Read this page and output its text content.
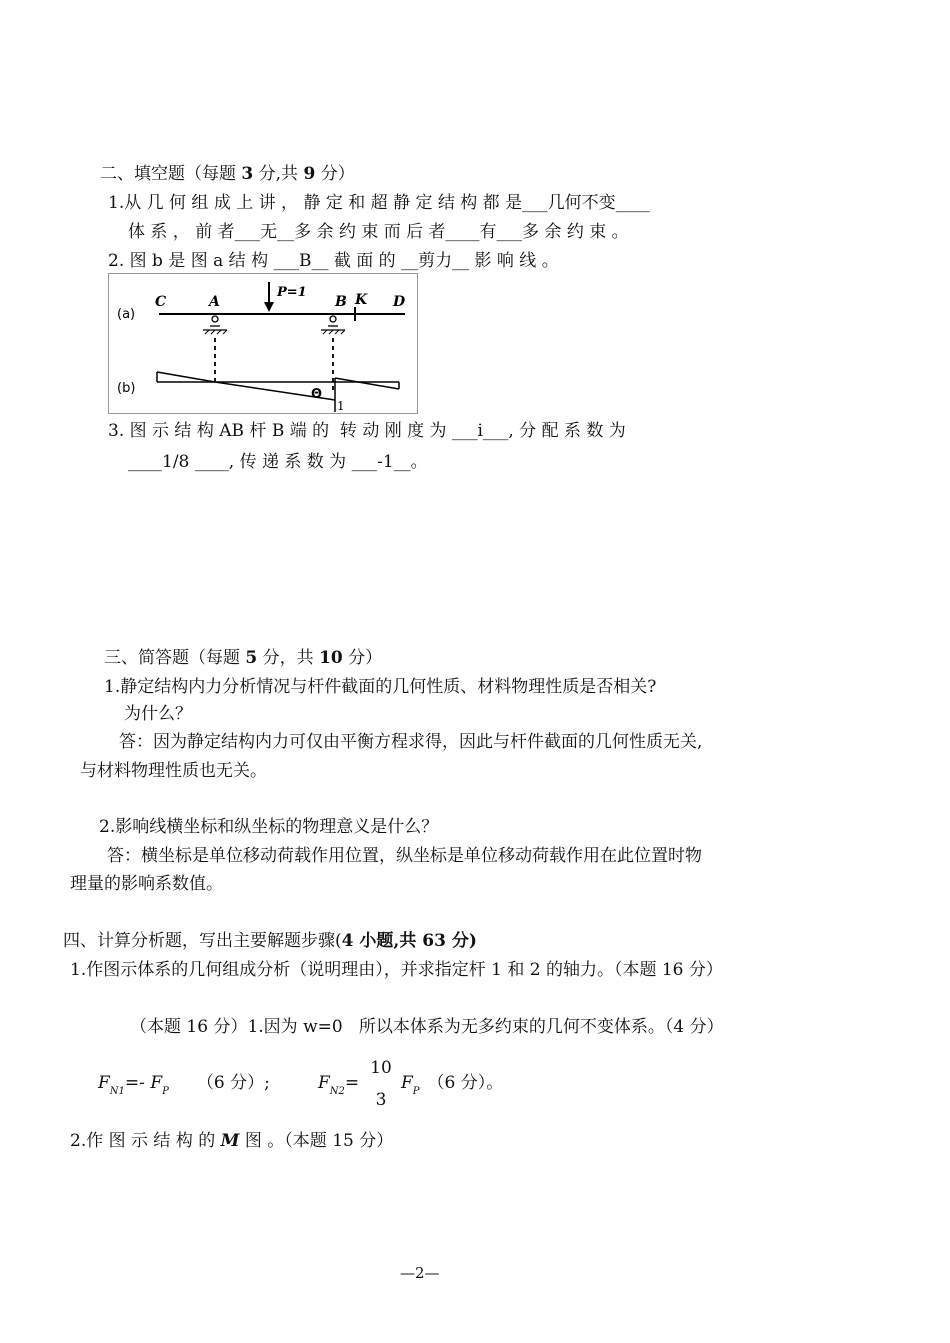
二、填空题（每题 3 分,共 9 分）
1.从 几 何 组 成 上 讲 ， 静 定 和 超 静 定 结 构 都 是___几何不变____
体 系 ， 前 者___无__多 余 约 束 而 后 者____有___多 余 约 束 。
2. 图 b 是 图 a 结 构 ___B__ 截 面 的 __剪力__ 影 响 线 。
(a)
(b)
C	A	B K D
P=1
Θ
1
3. 图 示 结 构 AB 杆 B 端 的  转 动 刚 度 为 ___i___, 分 配 系 数 为
____1/8 ____, 传 递 系 数 为 ___-1__。
三、简答题（每题 5 分，共 10 分）
1.静定结构内力分析情况与杆件截面的几何性质、材料物理性质是否相关?
为什么？
答：因为静定结构内力可仅由平衡方程求得，因此与杆件截面的几何性质无关,
与材料物理性质也无关。
2.影响线横坐标和纵坐标的物理意义是什么？
答：横坐标是单位移动荷载作用位置，纵坐标是单位移动荷载作用在此位置时物
理量的影响系数值。
四、计算分析题，写出主要解题步骤(4 小题,共 63 分)
1.作图示体系的几何组成分析（说明理由），并求指定杆 1 和 2 的轴力。（本题 16 分）
（本题 16 分）1.因为 w=0   所以本体系为无多约束的几何不变体系。（4 分）
$F_{N1}=-$ $F_P$ （6 分）;	$F_{N2}=$
10
3
$F_P$ （6 分）。
2.作 图 示 结 构 的 M 图 。（本题 15 分）
—2—
